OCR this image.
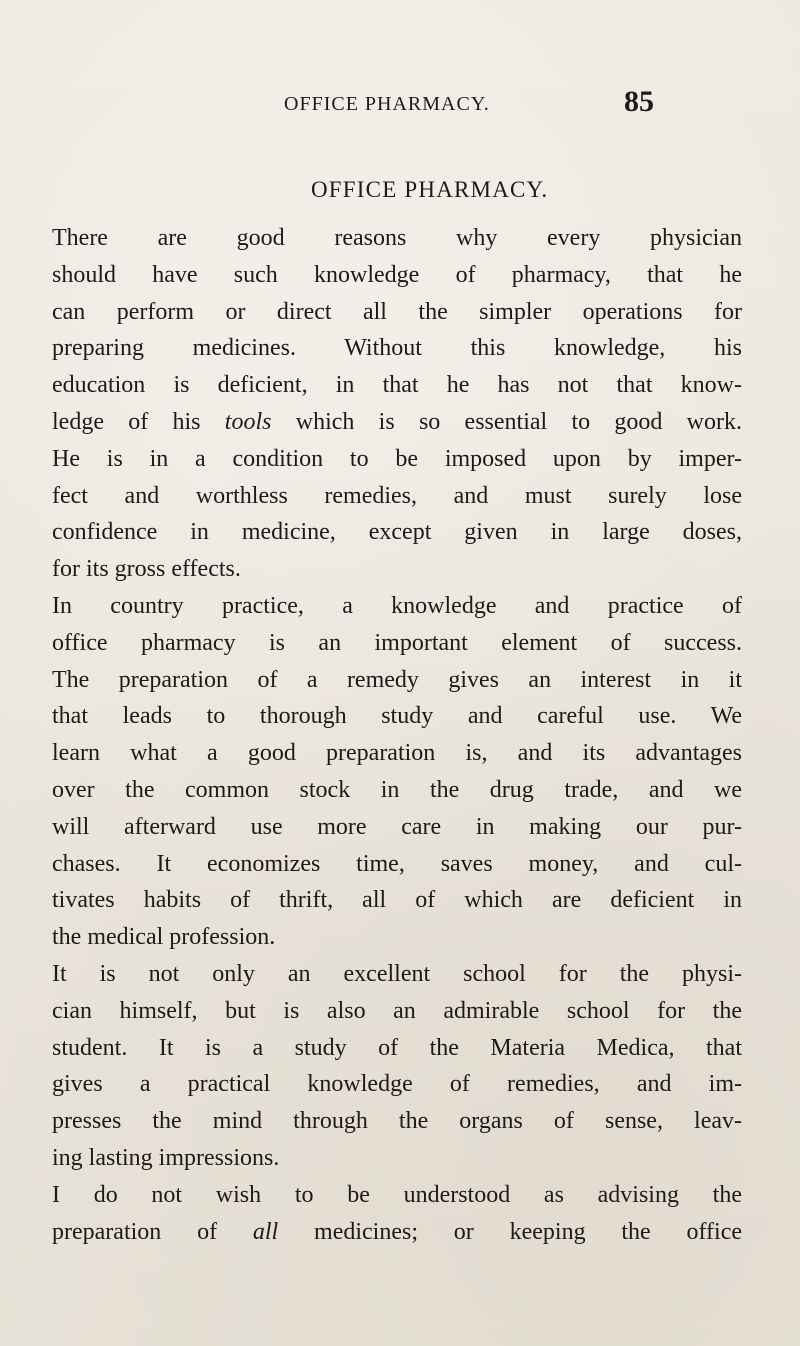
OFFICE PHARMACY.	85
OFFICE PHARMACY.
There are good reasons why every physician
should have such knowledge of pharmacy, that he
can perform or direct all the simpler operations for
preparing medicines. Without this knowledge, his
education is deficient, in that he has not that know-
ledge of his tools which is so essential to good work.
He is in a condition to be imposed upon by imper-
fect and worthless remedies, and must surely lose
confidence in medicine, except given in large doses,
for its gross effects.
In country practice, a knowledge and practice of
office pharmacy is an important element of success.
The preparation of a remedy gives an interest in it
that leads to thorough study and careful use. We
learn what a good preparation is, and its advantages
over the common stock in the drug trade, and we
will afterward use more care in making our pur-
chases. It economizes time, saves money, and cul-
tivates habits of thrift, all of which are deficient in
the medical profession.
It is not only an excellent school for the physi-
cian himself, but is also an admirable school for the
student. It is a study of the Materia Medica, that
gives a practical knowledge of remedies, and im-
presses the mind through the organs of sense, leav-
ing lasting impressions.
I do not wish to be understood as advising the
preparation of all medicines; or keeping the office
